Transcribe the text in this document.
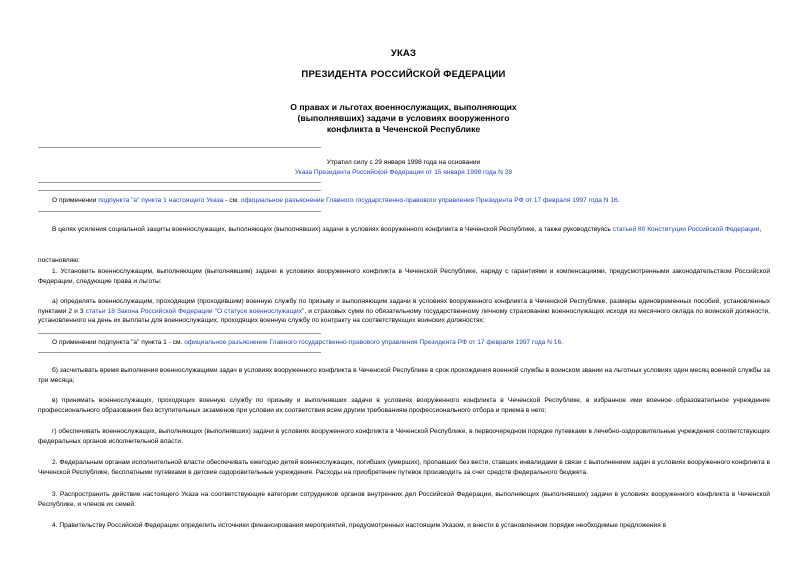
УКАЗ
ПРЕЗИДЕНТА РОССИЙСКОЙ ФЕДЕРАЦИИ
О правах и льготах военнослужащих, выполняющих
(выполнявших) задачи в условиях вооруженного
конфликта в Чеченской Республике
Утратил силу с 29 января 1998 года на основании
Указа Президента Российской Федерации от 15 января 1998 года N 28
О применении подпункта "а" пункта 1 настоящего Указа - см. официальное разъяснение Главного государственно-правового управления Президента РФ от 17 февраля 1997 года N 16.
В целях усиления социальной защиты военнослужащих, выполняющих (выполнявших) задачи в условиях вооруженного конфликта в Чеченской Республике, а также руководствуясь статьей 80 Конституции Российской Федерации,
постановляю:
1. Установить военнослужащим, выполняющим (выполнявшим) задачи в условиях вооруженного конфликта в Чеченской Республике, наряду с гарантиями и компенсациями, предусмотренными законодательством Российской Федерации, следующие права и льготы:
а) определять военнослужащим, проходящим (проходившим) военную службу по призыву и выполняющим задачи в условиях вооруженного конфликта в Чеченской Республике, размеры единовременных пособий, установленных пунктами 2 и 3 статьи 18 Закона Российской Федерации "О статусе военнослужащих", и страховых сумм по обязательному государственному личному страхованию военнослужащих исходя из месячного оклада по воинской должности, установленного на день их выплаты для военнослужащих, проходящих военную службу по контракту на соответствующих воинских должностях;
О применении подпункта "а" пункта 1 - см. официальное разъяснение Главного государственно-правового управления Президента РФ от 17 февраля 1997 года N 16.
б) засчитывать время выполнения военнослужащими задач в условиях вооруженного конфликта в Чеченской Республике в срок прохождения военной службы в воинском звании на льготных условиях один месяц военной службы за три месяца;
в) принимать военнослужащих, проходящих военную службу по призыву и выполнявших задачи в условиях вооруженного конфликта в Чеченской Республике, в избранное ими военное образовательное учреждение профессионального образования без вступительных экзаменов при условии их соответствия всем другим требованиям профессионального отбора и приема в него;
г) обеспечивать военнослужащих, выполняющих (выполнявших) задачи в условиях вооруженного конфликта в Чеченской Республике, в первоочередном порядке путевками в лечебно-оздоровительные учреждения соответствующих федеральных органов исполнительной власти.
2. Федеральным органам исполнительной власти обеспечивать ежегодно детей военнослужащих, погибших (умерших), пропавших без вести, ставших инвалидами в связи с выполнением задач в условиях вооруженного конфликта в Чеченской Республике, бесплатными путевками в детские оздоровительные учреждения. Расходы на приобретение путевок производить за счет средств федерального бюджета.
3. Распространить действие настоящего Указа на соответствующие категории сотрудников органов внутренних дел Российской Федерации, выполняющих (выполнявших) задачи в условиях вооруженного конфликта в Чеченской Республике, и членов их семей.
4. Правительству Российской Федерации определить источники финансирования мероприятий, предусмотренных настоящим Указом, и внести в установленном порядке необходимые предложения в
